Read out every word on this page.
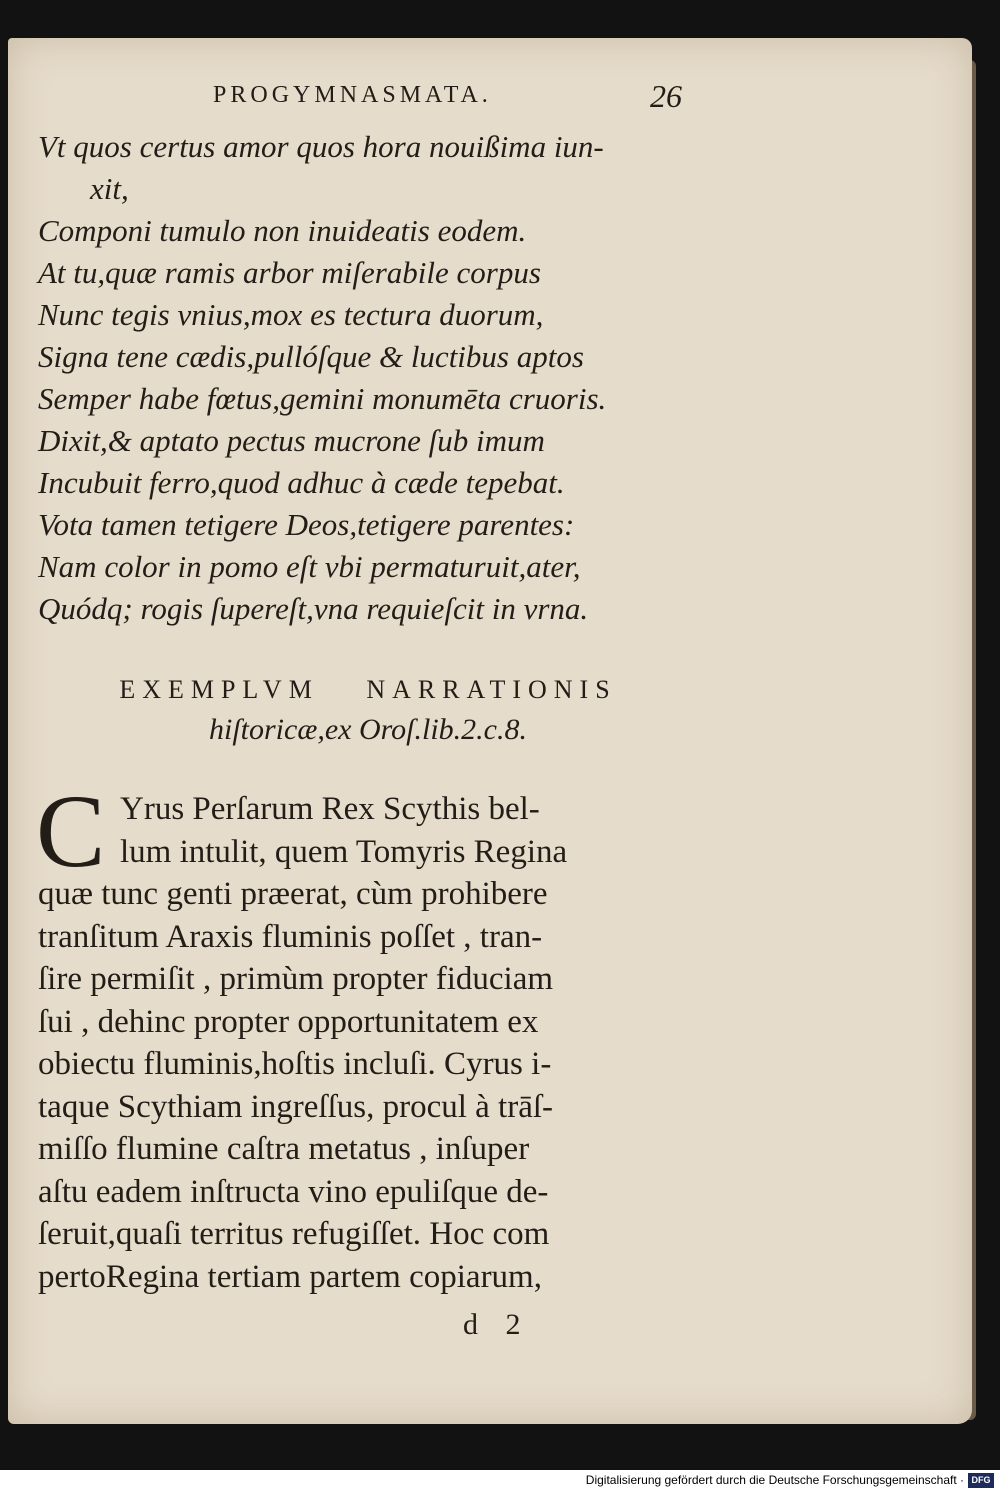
PROGYMNASMATA.	26
Vt quos certus amor quos hora nouißima iun-
xit,
Componi tumulo non inuideatis eodem.
At tu,quæ ramis arbor miſerabile corpus
Nunc tegis vnius,mox es tectura duorum,
Signa tene cædis,pullóſque & luctibus aptos
Semper habe fœtus,gemini monumēta cruoris.
Dixit,& aptato pectus mucrone ſub imum
Incubuit ferro,quod adhuc à cæde tepebat.
Vota tamen tetigere Deos,tetigere parentes:
Nam color in pomo eſt vbi permaturuit,ater,
Quódq; rogis ſupereſt,vna requieſcit in vrna.
EXEMPLVM NARRATIONIS
hiſtoricæ,ex Oroſ.lib.2.c.8.
C Yrus Perſarum Rex Scythis bel-
lum intulit, quem Tomyris Regina
quæ tunc genti præerat, cùm prohibere
tranſitum Araxis fluminis poſſet , tran-
ſire permiſit , primùm propter fiduciam
ſui , dehinc propter opportunitatem ex
obiectu fluminis,hoſtis incluſi. Cyrus i-
taque Scythiam ingreſſus, procul à trāſ-
miſſo flumine caſtra metatus , inſuper
aſtu eadem inſtructa vino epuliſque de-
ſeruit,quaſi territus refugiſſet. Hoc com
pertoRegina tertiam partem copiarum,
d 2
Digitalisierung gefördert durch die Deutsche Forschungsgemeinschaft · DFG
